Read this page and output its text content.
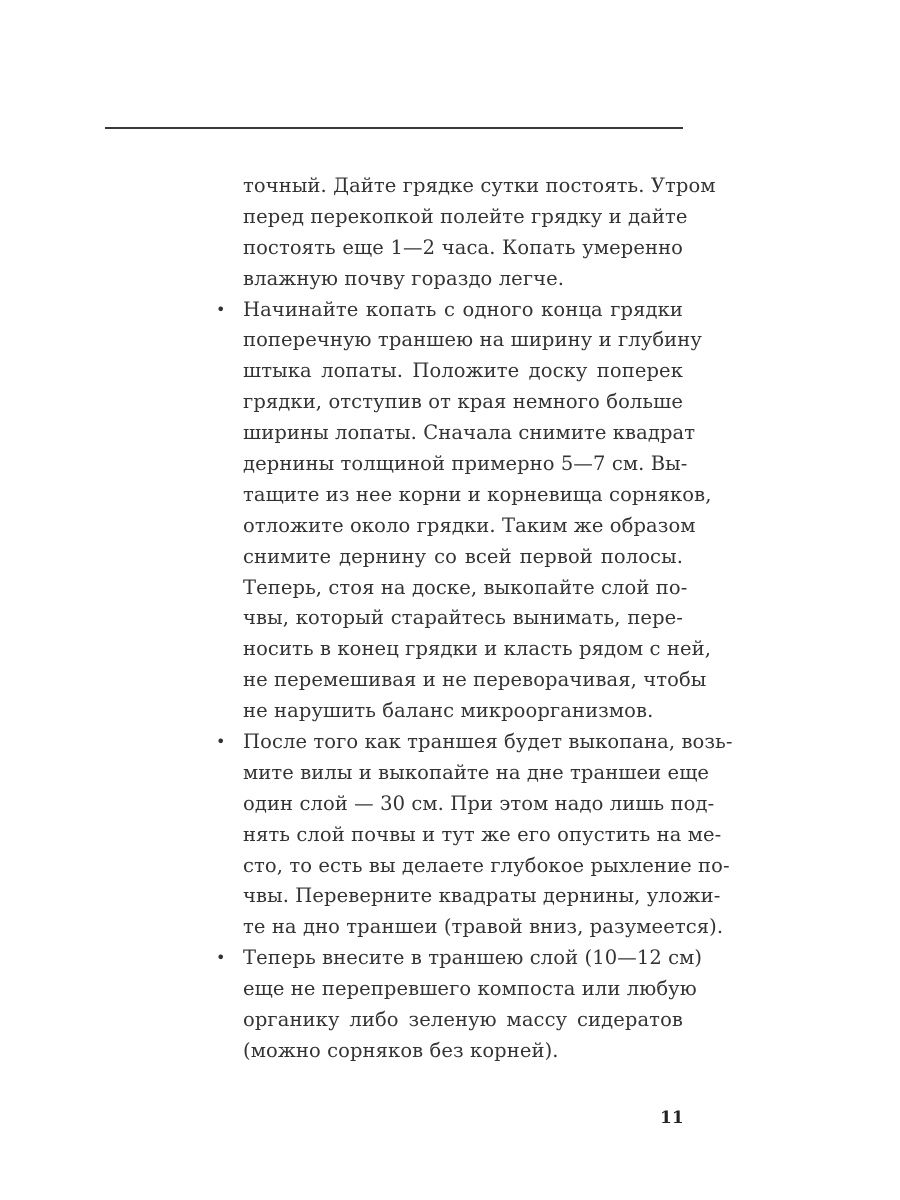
точный. Дайте грядке сутки постоять. Утром
перед перекопкой полейте грядку и дайте
постоять еще 1—2 часа. Копать умеренно
влажную почву гораздо легче.
• Начинайте копать с одного конца грядки
поперечную траншею на ширину и глубину
штыка лопаты. Положите доску поперек
грядки, отступив от края немного больше
ширины лопаты. Сначала снимите квадрат
дернины толщиной примерно 5—7 см. Вы-
тащите из нее корни и корневища сорняков,
отложите около грядки. Таким же образом
снимите дернину со всей первой полосы.
Теперь, стоя на доске, выкопайте слой по-
чвы, который старайтесь вынимать, пере-
носить в конец грядки и класть рядом с ней,
не перемешивая и не переворачивая, чтобы
не нарушить баланс микроорганизмов.
• После того как траншея будет выкопана, возь-
мите вилы и выкопайте на дне траншеи еще
один слой — 30 см. При этом надо лишь под-
нять слой почвы и тут же его опустить на ме-
сто, то есть вы делаете глубокое рыхление по-
чвы. Переверните квадраты дернины, уложи-
те на дно траншеи (травой вниз, разумеется).
• Теперь внесите в траншею слой (10—12 см)
еще не перепревшего компоста или любую
органику либо зеленую массу сидератов
(можно сорняков без корней).
11
